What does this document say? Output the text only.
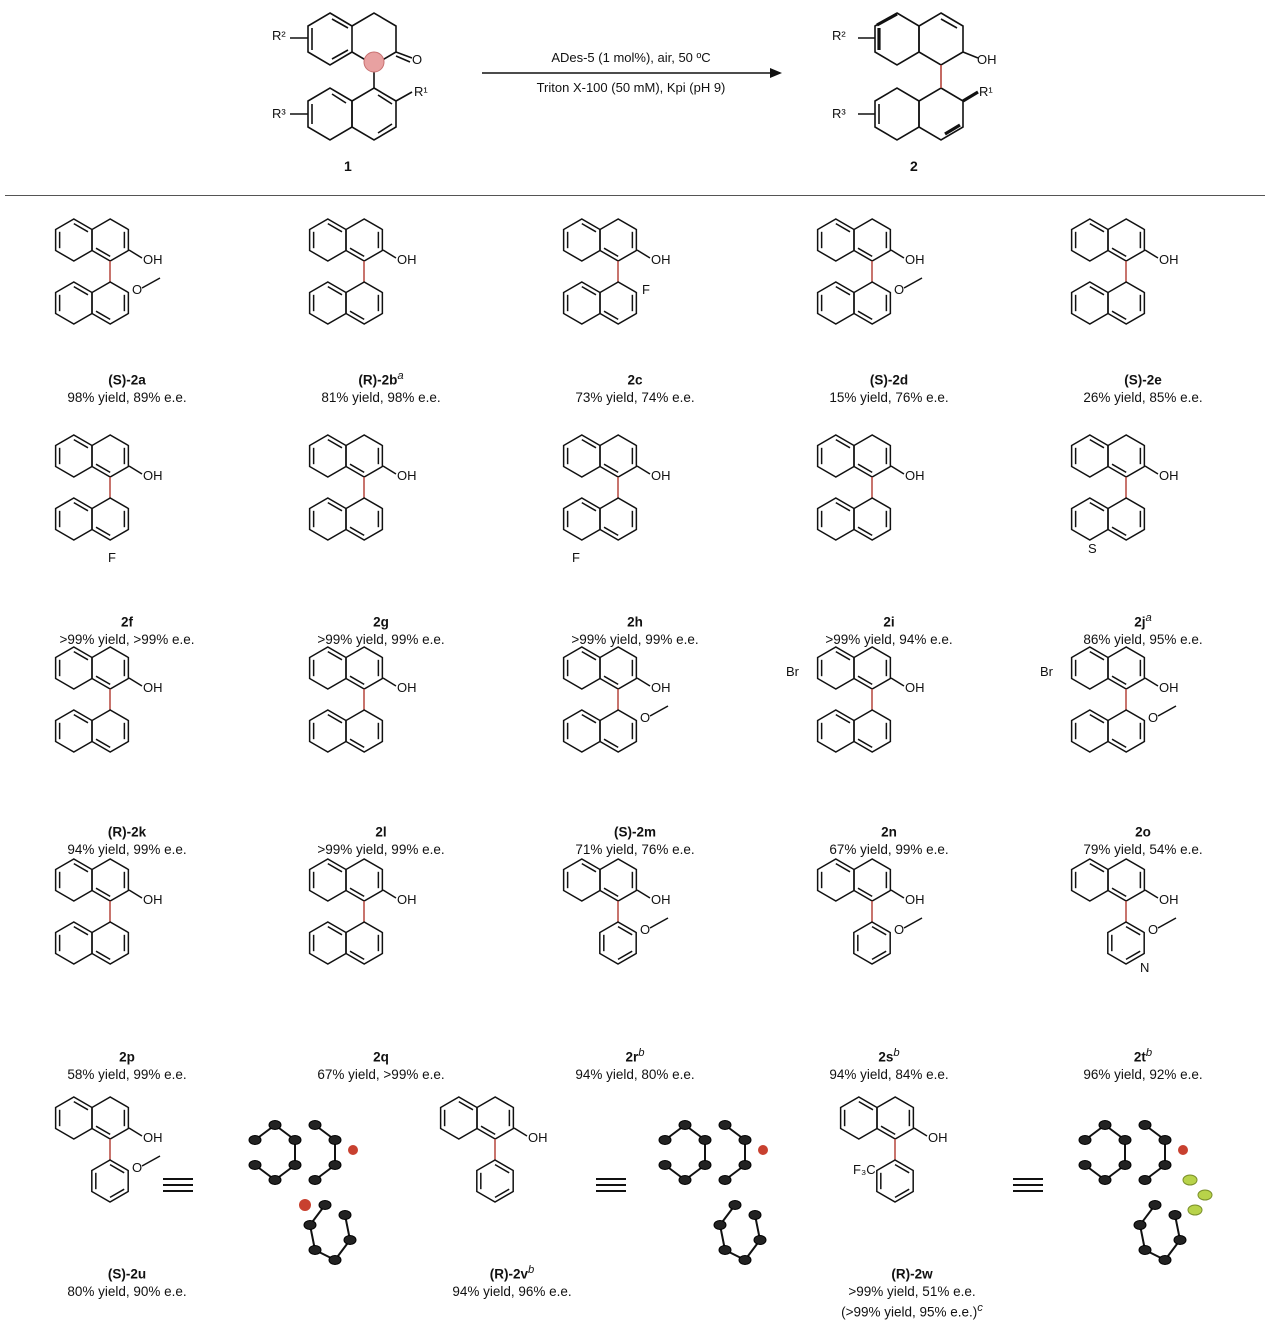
R²
O
R³
R¹
1
ADes-5 (1 mol%), air, 50 ºC
Triton X-100 (50 mM), Kpi (pH 9)
R²
OH
R³
R¹
2
OH
O
(S)-2a
98% yield, 89% e.e.
OH
$(R)-2b^a$
81% yield, 98% e.e.
OH
F
2c
73% yield, 74% e.e.
OH
O
(S)-2d
15% yield, 76% e.e.
OH
(S)-2e
26% yield, 85% e.e.
OH
F
2f
>99% yield, >99% e.e.
OH
2g
>99% yield, 99% e.e.
OH
F
2h
>99% yield, 99% e.e.
OH
2i
>99% yield, 94% e.e.
OH
S
$2j^a$
86% yield, 95% e.e.
OH
(R)-2k
94% yield, 99% e.e.
OH
2l
>99% yield, 99% e.e.
OH
O
(S)-2m
71% yield, 76% e.e.
OH
Br
2n
67% yield, 99% e.e.
OH
O
Br
2o
79% yield, 54% e.e.
OH
2p
58% yield, 99% e.e.
OH
2q
67% yield, >99% e.e.
OH
O
$2r^b$
94% yield, 80% e.e.
OH
O
$2s^b$
94% yield, 84% e.e.
OH
N
O
$2t^b$
96% yield, 92% e.e.
OH
O
(S)-2u
80% yield, 90% e.e.
OH
$(R)-2v^b$
94% yield, 96% e.e.
OH
F₃C
(R)-2w
>99% yield, 51% e.e.
(>99% yield, 95% e.e.)$^c$
